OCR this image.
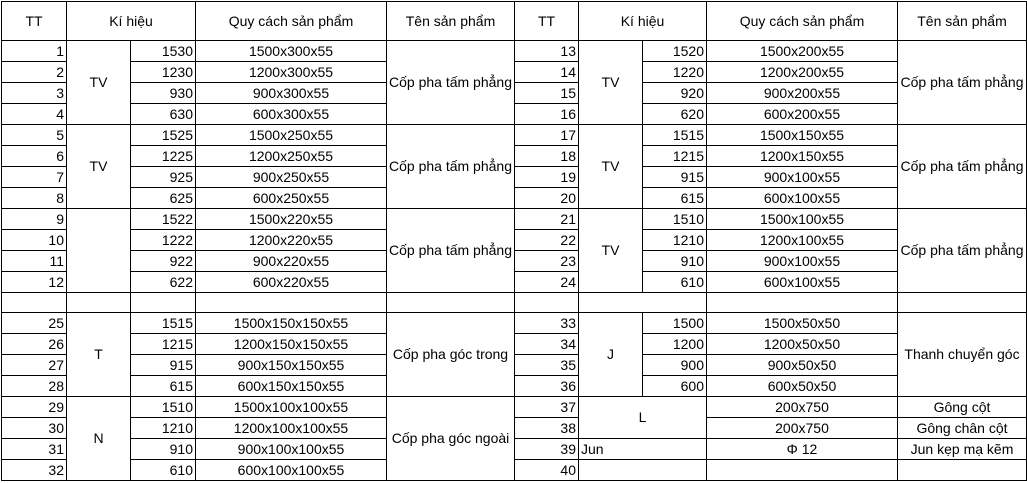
TT	Kí hiệu		Quy cách sản phẩm	Tên sản phẩm	TT	Kí hiệu		Quy cách sản phẩm	Tên sản phẩm
1	TV	1530	1500x300x55	Cốp pha tấm phẳng	13	TV	1520	1500x200x55	Cốp pha tấm phẳng
2		1230	1200x300x55		14		1220	1200x200x55	
3		930	900x300x55		15		920	900x200x55	
4		630	600x300x55		16		620	600x200x55	
5	TV	1525	1500x250x55	Cốp pha tấm phẳng	17	TV	1515	1500x150x55	Cốp pha tấm phẳng
6		1225	1200x250x55		18		1215	1200x150x55	
7		925	900x250x55		19		915	900x100x55	
8		625	600x250x55		20		615	600x100x55	
9		1522	1500x220x55	Cốp pha tấm phẳng	21	TV	1510	1500x100x55	Cốp pha tấm phẳng
10		1222	1200x220x55		22		1210	1200x100x55	
11		922	900x220x55		23		910	900x100x55	
12		622	600x220x55		24		610	600x100x55	

25	T	1515	1500x150x150x55	Cốp pha góc trong	33	J	1500	1500x50x50	Thanh chuyển góc
26		1215	1200x150x150x55		34		1200	1200x50x50	
27		915	900x150x150x55		35		900	900x50x50	
28		615	600x150x150x55		36		600	600x50x50	
29	N	1510	1500x100x100x55	Cốp pha góc ngoài	37	L		200x750	Gông cột
30		1210	1200x100x100x55		38			200x750	Gông chân cột
31		910	900x100x100x55		39	Jun		Φ 12	Jun kẹp mạ kẽm
32		610	600x100x100x55		40				
